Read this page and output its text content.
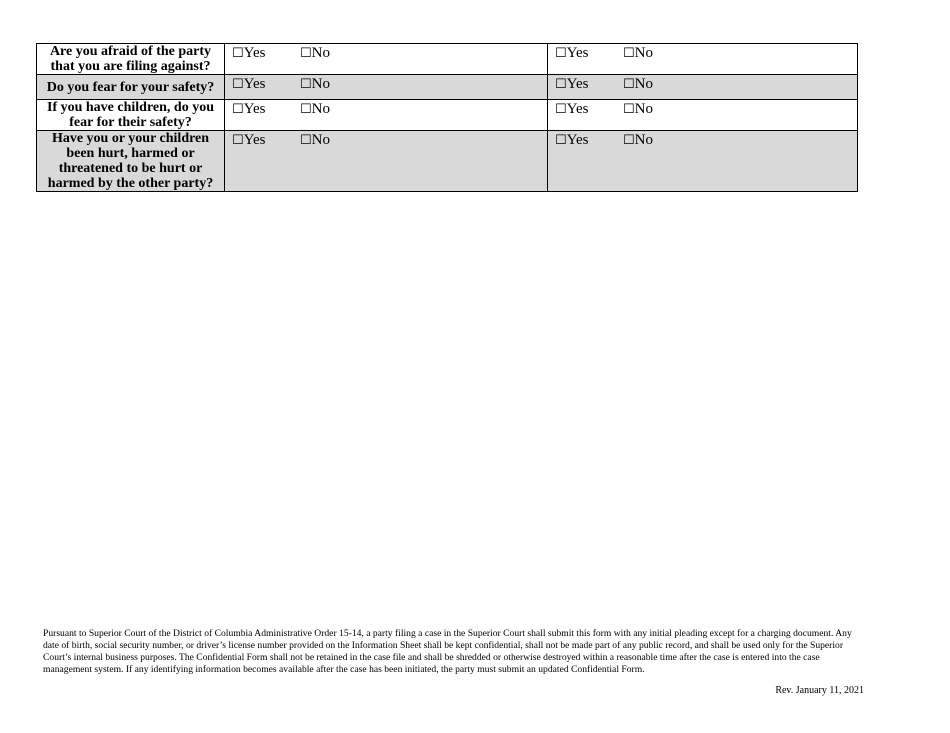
Are you afraid of the party that you are filing against?	☐Yes ☐No	☐Yes ☐No
Do you fear for your safety?	☐Yes ☐No	☐Yes ☐No
If you have children, do you fear for their safety?	☐Yes ☐No	☐Yes ☐No
Have you or your children been hurt, harmed or threatened to be hurt or harmed by the other party?	☐Yes ☐No	☐Yes ☐No
Pursuant to Superior Court of the District of Columbia Administrative Order 15-14, a party filing a case in the Superior Court shall submit this form with any initial pleading except for a charging document. Any date of birth, social security number, or driver’s license number provided on the Information Sheet shall be kept confidential, shall not be made part of any public record, and shall be used only for the Superior Court’s internal business purposes. The Confidential Form shall not be retained in the case file and shall be shredded or otherwise destroyed within a reasonable time after the case is entered into the case management system. If any identifying information becomes available after the case has been initiated, the party must submit an updated Confidential Form.
Rev. January 11, 2021
